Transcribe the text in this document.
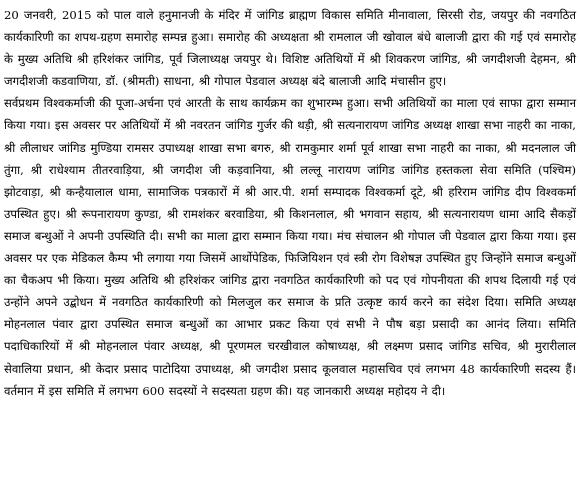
20 जनवरी, 2015 को पाल वाले हनुमानजी के मंदिर में जांगिड ब्राह्मण विकास समिति मीनावाला, सिरसी रोड, जयपुर की नवगठित कार्यकारिणी का शपथ-ग्रहण समारोह सम्पन्न हुआ। समारोह की अध्यक्षता श्री रामलाल जी खोवाल बंधे बालाजी द्वारा की गई एवं समारोह के मुख्य अतिथि श्री हरिशंकर जांगिड, पूर्व जिलाध्यक्ष जयपुर थे। विशिष्ट अतिथियों में श्री शिवकरण जांगिड, श्री जगदीशजी देहमन, श्री जगदीशजी कडवाणिया, डॉ. (श्रीमती) साधना, श्री गोपाल पेडवाल अध्यक्ष बंदे बालाजी आदि मंचासीन हुए।

सर्वप्रथम विश्वकर्माजी की पूजा-अर्चना एवं आरती के साथ कार्यक्रम का शुभारम्भ हुआ। सभी अतिथियों का माला एवं साफा द्वारा सम्मान किया गया। इस अवसर पर अतिथियों में श्री नवरतन जांगिड गुर्जर की थड़ी, श्री सत्यनारायण जांगिड अध्यक्ष शाखा सभा नाहरी का नाका, श्री लीलाधर जांगिड मुण्डिया रामसर उपाध्यक्ष शाखा सभा बगरु, श्री रामकुमार शर्मा पूर्व शाखा सभा नाहरी का नाका, श्री मदनलाल जी तुंगा, श्री राधेश्याम तीतरवाड़िया, श्री जगदीश जी कड़वानिया, श्री लल्लू नारायण जांगिड जांगिड हस्तकला सेवा समिति (पश्चिम) झोटवाड़ा, श्री कन्हैयालाल धामा, सामाजिक पत्रकारों में श्री आर.पी. शर्मा सम्पादक विश्वकर्मा दूटे, श्री हरिराम जांगिड दीप विश्वकर्मा उपस्थित हुए। श्री रूपनारायण कुण्डा, श्री रामशंकर बरवाडिया, श्री किशनलाल, श्री भगवान सहाय, श्री सत्यनारायण धामा आदि सैकड़ों समाज बन्धुओं ने अपनी उपस्थिति दी। सभी का माला द्वारा सम्मान किया गया। मंच संचालन श्री गोपाल जी पेडवाल द्वारा किया गया। इस अवसर पर एक मेडिकल कैम्प भी लगाया गया जिसमें आर्थोपेडिक, फिजियिशन एवं स्त्री रोग विशेषज्ञ उपस्थित हुए जिन्होंने समाज बन्धुओं का चैकअप भी किया। मुख्य अतिथि श्री हरिशंकर जांगिड द्वारा नवगठित कार्यकारिणी को पद एवं गोपनीयता की शपथ दिलायी गई एवं उन्होंने अपने उद्बोधन में नवगठित कार्यकारिणी को मिलजुल कर समाज के प्रति उत्कृष्ट कार्य करने का संदेश दिया। समिति अध्यक्ष मोहनलाल पंवार द्वारा उपस्थित समाज बन्धुओं का आभार प्रकट किया एवं सभी ने पौष बड़ा प्रसादी का आनंद लिया। समिति पदाधिकारियों में श्री मोहनलाल पंवार अध्यक्ष, श्री पूरणमल चरखीवाल कोषाध्यक्ष, श्री लक्ष्मण प्रसाद जांगिड सचिव, श्री मुरारीलाल सेवालिया प्रधान, श्री केदार प्रसाद पाटोदिया उपाध्यक्ष, श्री जगदीश प्रसाद कूलवाल महासचिव एवं लगभग 48 कार्यकारिणी सदस्य हैं। वर्तमान में इस समिति में लगभग 600 सदस्यों ने सदस्यता ग्रहण की। यह जानकारी अध्यक्ष महोदय ने दी।
